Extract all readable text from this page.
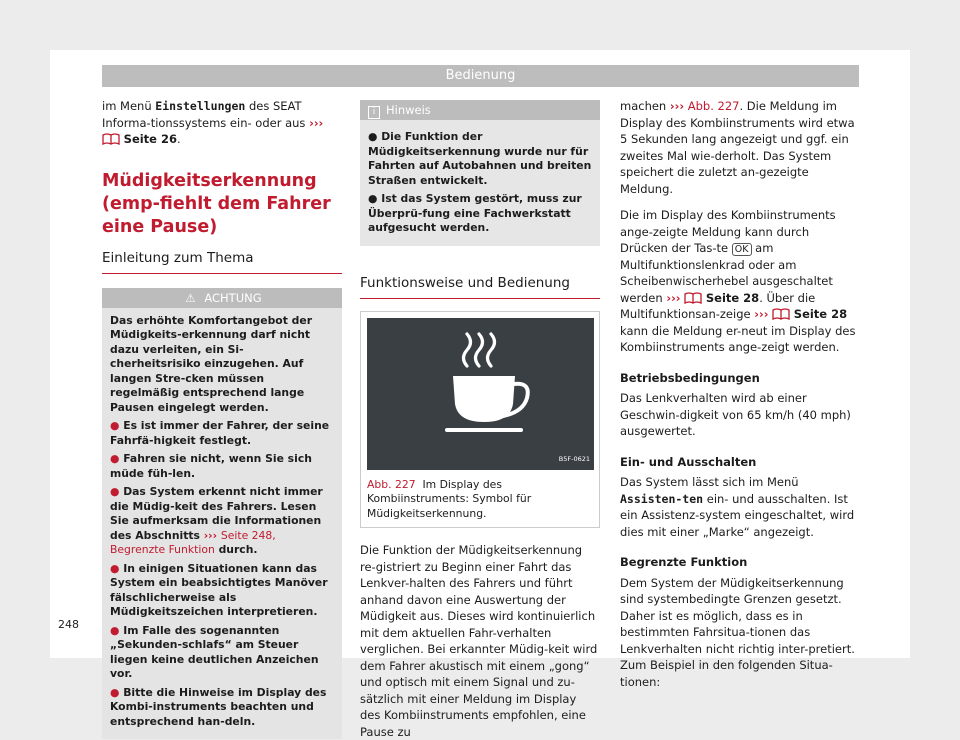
Bedienung

im Menü Einstellungen des SEAT Informa-tionssystems ein- oder aus ›››  Seite 26.

Müdigkeitserkennung (emp-fiehlt dem Fahrer eine Pause)
Einleitung zum Thema
⚠ ACHTUNG

Das erhöhte Komfortangebot der Müdigkeits-erkennung darf nicht dazu verleiten, ein Si-cherheitsrisiko einzugehen. Auf langen Stre-cken müssen regelmäßig entsprechend lange Pausen eingelegt werden.

● Es ist immer der Fahrer, der seine Fahrfä-higkeit festlegt.

● Fahren sie nicht, wenn Sie sich müde füh-len.

● Das System erkennt nicht immer die Müdig-keit des Fahrers. Lesen Sie aufmerksam die Informationen des Abschnitts ››› Seite 248, Begrenzte Funktion durch.

● In einigen Situationen kann das System ein beabsichtigtes Manöver fälschlicherweise als Müdigkeitszeichen interpretieren.

● Im Falle des sogenannten „Sekunden-schlafs“ am Steuer liegen keine deutlichen Anzeichen vor.

● Bitte die Hinweise im Display des Kombi-instruments beachten und entsprechend han-deln.

i Hinweis

● Die Funktion der Müdigkeitserkennung wurde nur für Fahrten auf Autobahnen und breiten Straßen entwickelt.

● Ist das System gestört, muss zur Überprü-fung eine Fachwerkstatt aufgesucht werden.

Funktionsweise und Bedienung
B5F-0621
Abb. 227 Im Display des Kombiinstruments: Symbol für Müdigkeitserkennung.

Die Funktion der Müdigkeitserkennung re-gistriert zu Beginn einer Fahrt das Lenkver-halten des Fahrers und führt anhand davon eine Auswertung der Müdigkeit aus. Dieses wird kontinuierlich mit dem aktuellen Fahr-verhalten verglichen. Bei erkannter Müdig-keit wird dem Fahrer akustisch mit einem „gong“ und optisch mit einem Signal und zu-sätzlich mit einer Meldung im Display des Kombiinstruments empfohlen, eine Pause zu

machen ››› Abb. 227. Die Meldung im Display des Kombiinstruments wird etwa 5 Sekunden lang angezeigt und ggf. ein zweites Mal wie-derholt. Das System speichert die zuletzt an-gezeigte Meldung.

Die im Display des Kombiinstruments ange-zeigte Meldung kann durch Drücken der Tas-te OK am Multifunktionslenkrad oder am Scheibenwischerhebel ausgeschaltet werden ››› Seite 28. Über die Multifunktionsan-zeige ››› Seite 28 kann die Meldung er-neut im Display des Kombiinstruments ange-zeigt werden.

Betriebsbedingungen

Das Lenkverhalten wird ab einer Geschwin-digkeit von 65 km/h (40 mph) ausgewertet.

Ein- und Ausschalten

Das System lässt sich im Menü Assisten-ten ein- und ausschalten. Ist ein Assistenz-system eingeschaltet, wird dies mit einer „Marke“ angezeigt.

Begrenzte Funktion

Dem System der Müdigkeitserkennung sind systembedingte Grenzen gesetzt. Daher ist es möglich, dass es in bestimmten Fahrsitua-tionen das Lenkverhalten nicht richtig inter-pretiert. Zum Beispiel in den folgenden Situa-tionen:

248
